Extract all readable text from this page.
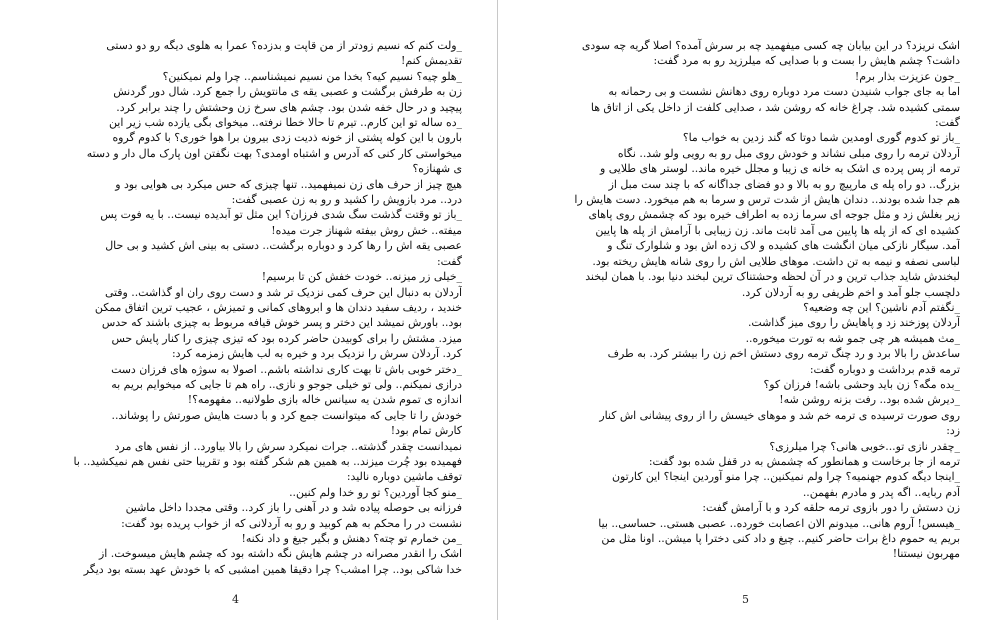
_ولت کنم که نسیم زودتر از من قاپت و بدزده؟ عمرا به هلوی دیگه رو دو دستی

تقدیمش کنم!

_هلو چیه؟ نسیم کیه؟ بخدا من نسیم نمیشناسم.. چرا ولم نمیکنین؟

زن به طرفش برگشت و عصبی یقه ی مانتویش را جمع کرد. شال دور گردنش

پیچید و در حال خفه شدن بود. چشم های سرخ زن وحشتش را چند برابر کرد.

_ده ساله تو این کارم.. تیرم تا حالا خطا نرفته.. میخوای بگی یازده شب زیر این

بارون با این کوله پشتی از خونه ذدیت زدی بیرون برا هوا خوری؟ با کدوم گروه

میخواستی کار کنی که آدرس و اشتباه اومدی؟ بهت نگفتن اون پارک مال دار و دسته

ی شهنازه؟

هیچ چیز از حرف های زن نمیفهمید.. تنها چیزی که حس میکرد بی هوایی بود و

درد.. مرد بازویش را کشید و رو به زن عصبی گفت:

_باز تو وقتت گذشت سگ شدی فرزان؟ این مثل تو آبدیده نیست.. با یه فوت پس

میفته.. خش روش بیفته شهناز جرت میده!

عصبی یقه اش را رها کرد و دوباره برگشت.. دستی به بینی اش کشید و بی حال

گفت:

_خیلی زر میزنه.. خودت خفش کن تا برسیم!

آردلان به دنبال این حرف کمی نزدیک تر شد و دست روی ران او گذاشت.. وقتی

خندید ، ردیف سفید دندان ها و ابروهای کمانی و تمیزش ، عجیب ترین اتفاق ممکن

بود.. باورش نمیشد این دختر و پسر خوش قیافه مربوط به چیزی باشند که حدس

میزد. مشتش را برای کوبیدن حاضر کرده بود که تیزی چیزی را کنار پایش حس

کرد. آردلان سرش را نزدیک برد و خیره به لب هایش زمزمه کرد:

_دختر خوبی باش تا بهت کاری نداشته باشم.. اصولا به سوژه های فرزان دست

درازی نمیکنم.. ولی تو خیلی جوجو و نازی.. راه هم تا جایی که میخوایم بریم به

اندازه ی تموم شدن یه سیانس خاله بازی طولانیه.. مفهومه؟!

خودش را تا جایی که میتوانست جمع کرد و با دست هایش صورتش را پوشاند..

کارش تمام بود!

نمیدانست چقدر گذشته.. جرات نمیکرد سرش را بالا بیاورد.. از نفس های مرد

فهمیده بود چُرت میزند.. به همین هم شکر گفته بود و تقریبا حتی نفس هم نمیکشید.. با

توقف ماشین دوباره نالید:

_منو کجا آوردین؟ تو رو خدا ولم کنین..

فرزانه بی حوصله پیاده شد و در آهنی را باز کرد.. وقتی مجددا داخل ماشین

نشست در را محکم به هم کوبید و رو به آردلانی که از خواب پریده بود گفت:

_من خمارم تو چته؟ دهنش و بگیر جیغ و داد نکنه!

اشک را انقدر مصرانه در چشم هایش نگه داشته بود که چشم هایش میسوخت. از

خدا شاکی بود.. چرا امشب؟ چرا دقیقا همین امشبی که با خودش عهد بسته بود دیگر

4

اشک نریزد؟ در این بیابان چه کسی میفهمید چه بر سرش آمده؟ اصلا گریه چه سودی

داشت؟ چشم هایش را بست و با صدایی که میلرزید رو به مرد گفت:

_جون عزیزت بذار برم!

اما به جای جواب شنیدن دست مرد دوباره روی دهانش نشست و بی رحمانه به

سمتی کشیده شد. چراغ خانه که روشن شد ، صدایی کلفت از داخل یکی از اتاق ها

گفت:

_باز تو کدوم گوری اومدین شما دوتا که گند زدین به خواب ما؟

آردلان ترمه را روی مبلی نشاند و خودش روی مبل رو به رویی ولو شد.. نگاه

ترمه از پس پرده ی اشک به خانه ی زیبا و مجلل خیره ماند.. لوستر های طلایی و

بزرگ.. دو راه پله ی مارپیچ رو به بالا و دو فضای جداگانه که با چند ست مبل از

هم جدا شده بودند.. دندان هایش از شدت ترس و سرما به هم میخورد. دست هایش را

زیر بغلش زد و مثل جوجه ای سرما زده به اطراف خیره بود که چشمش روی پاهای

کشیده ای که از پله ها پایین می آمد ثابت ماند. زن زیبایی با آرامش از پله ها پایین

آمد. سیگار نازکی میان انگشت های کشیده و لاک زده اش بود و شلوارک تنگ و

لباسی نصفه و نیمه به تن داشت. موهای طلایی اش را روی شانه هایش ریخته بود.

لبخندش شاید جذاب ترین و در آن لحظه وحشتناک ترین لبخند دنیا بود. با همان لبخند

دلچسب جلو آمد و اخم ظریفی رو به آردلان کرد.

_نگفتم آدم ناشین؟ این چه وضعیه؟

آردلان پوزخند زد و پاهایش را روی میز گذاشت.

_مث همیشه هر چی جمو شه به تورت میخوره..

ساعدش را بالا برد و رد چنگ ترمه روی دستش اخم زن را بیشتر کرد. به طرف

ترمه قدم برداشت و دوباره گفت:

_بده مگه؟ زن باید وحشی باشه! فرزان کو؟

_دیرش شده بود.. رفت بزنه روشن شه!

روی صورت ترسیده ی ترمه خم شد و موهای خیسش را از روی پیشانی اش کنار

زد:

_چقدر نازی تو...خوبی هانی؟ چرا میلرزی؟

ترمه از جا برخاست و همانطور که چشمش به در قفل شده بود گفت:

_اینجا دیگه کدوم جهنمیه؟ چرا ولم نمیکنین.. چرا منو آوردین اینجا؟ این کارتون

آدم ربایه.. اگه پدر و مادرم بفهمن..

زن دستش را دور بازوی ترمه حلقه کرد و با آرامش گفت:

_هیسس! آروم هانی.. میدونم الان اعصابت خورده.. عصبی هستی.. حساسی.. بیا

بریم یه حموم داغ برات حاضر کنیم.. چیغ و داد کنی دخترا پا میشن.. اونا مثل من

مهربون نیستنا!

5
